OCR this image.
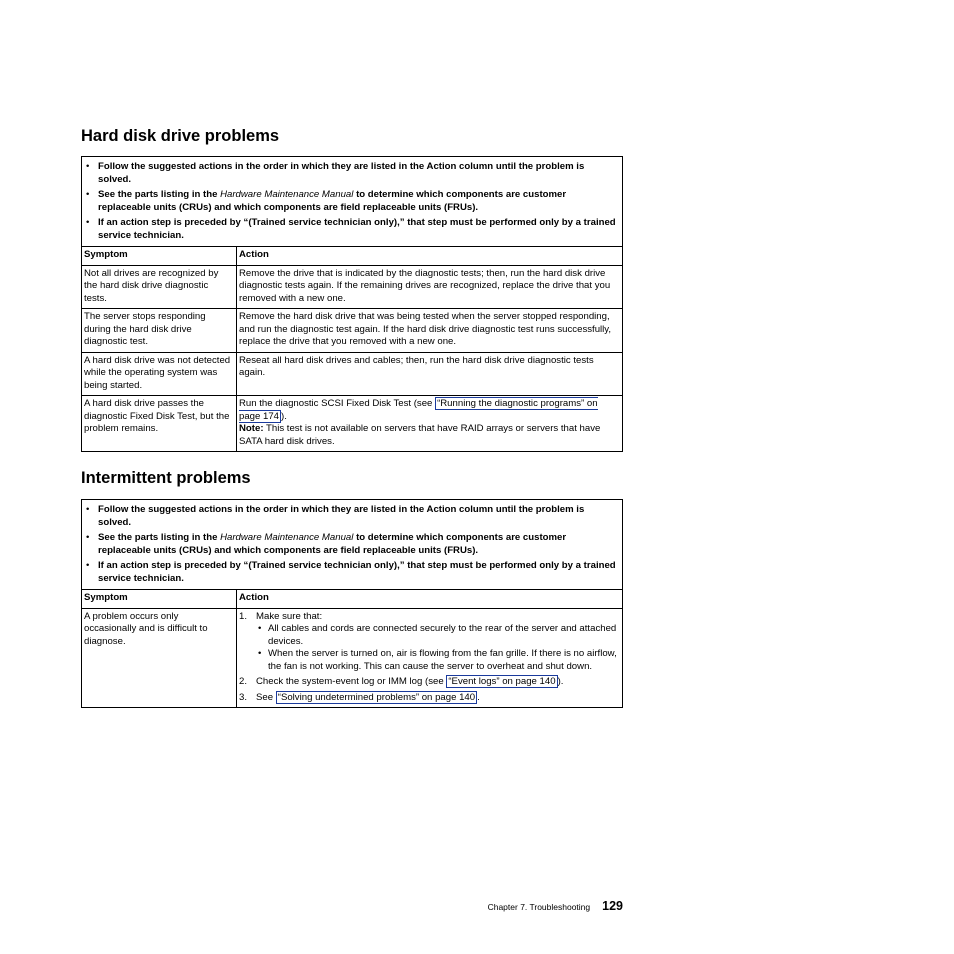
Hard disk drive problems
• Follow the suggested actions in the order in which they are listed in the Action column until the problem is solved.
• See the parts listing in the Hardware Maintenance Manual to determine which components are customer replaceable units (CRUs) and which components are field replaceable units (FRUs).
• If an action step is preceded by “(Trained service technician only),” that step must be performed only by a trained service technician.
Symptom	Action
Not all drives are recognized by the hard disk drive diagnostic tests.
Remove the drive that is indicated by the diagnostic tests; then, run the hard disk drive diagnostic tests again. If the remaining drives are recognized, replace the drive that you removed with a new one.
The server stops responding during the hard disk drive diagnostic test.
Remove the hard disk drive that was being tested when the server stopped responding, and run the diagnostic test again. If the hard disk drive diagnostic test runs successfully, replace the drive that you removed with a new one.
A hard disk drive was not detected while the operating system was being started.
Reseat all hard disk drives and cables; then, run the hard disk drive diagnostic tests again.
A hard disk drive passes the diagnostic Fixed Disk Test, but the problem remains.
Run the diagnostic SCSI Fixed Disk Test (see “Running the diagnostic programs” on page 174 ).
Note: This test is not available on servers that have RAID arrays or servers that have SATA hard disk drives.
Intermittent problems
• Follow the suggested actions in the order in which they are listed in the Action column until the problem is solved.
• See the parts listing in the Hardware Maintenance Manual to determine which components are customer replaceable units (CRUs) and which components are field replaceable units (FRUs).
• If an action step is preceded by “(Trained service technician only),” that step must be performed only by a trained service technician.
Symptom	Action
A problem occurs only occasionally and is difficult to diagnose.
1. Make sure that:
• All cables and cords are connected securely to the rear of the server and attached devices.
• When the server is turned on, air is flowing from the fan grille. If there is no airflow, the fan is not working. This can cause the server to overheat and shut down.
2. Check the system-event log or IMM log (see “Event logs” on page 140 ).
3. See “Solving undetermined problems” on page 140 .
Chapter 7. Troubleshooting 129
